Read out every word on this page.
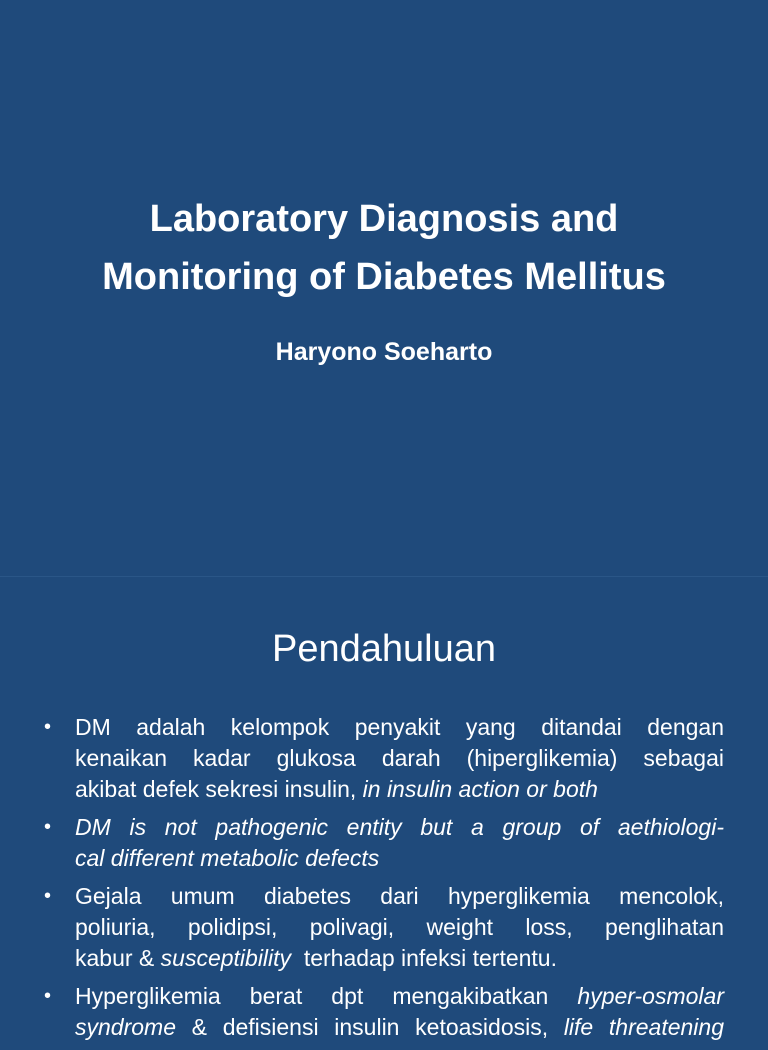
Laboratory Diagnosis and
Monitoring of Diabetes Mellitus

Haryono Soeharto

Pendahuluan
• DM adalah kelompok penyakit yang ditandai dengan
kenaikan kadar glukosa darah (hiperglikemia) sebagai
akibat defek sekresi insulin, in insulin action or both
• DM is not pathogenic entity but a group of aethiologi-
cal different metabolic defects
• Gejala umum diabetes dari hyperglikemia mencolok,
poliuria, polidipsi, polivagi, weight loss, penglihatan
kabur & susceptibility  terhadap infeksi tertentu.
• Hyperglikemia berat dpt mengakibatkan hyper-osmolar
syndrome & defisiensi insulin ketoasidosis, life threatening
